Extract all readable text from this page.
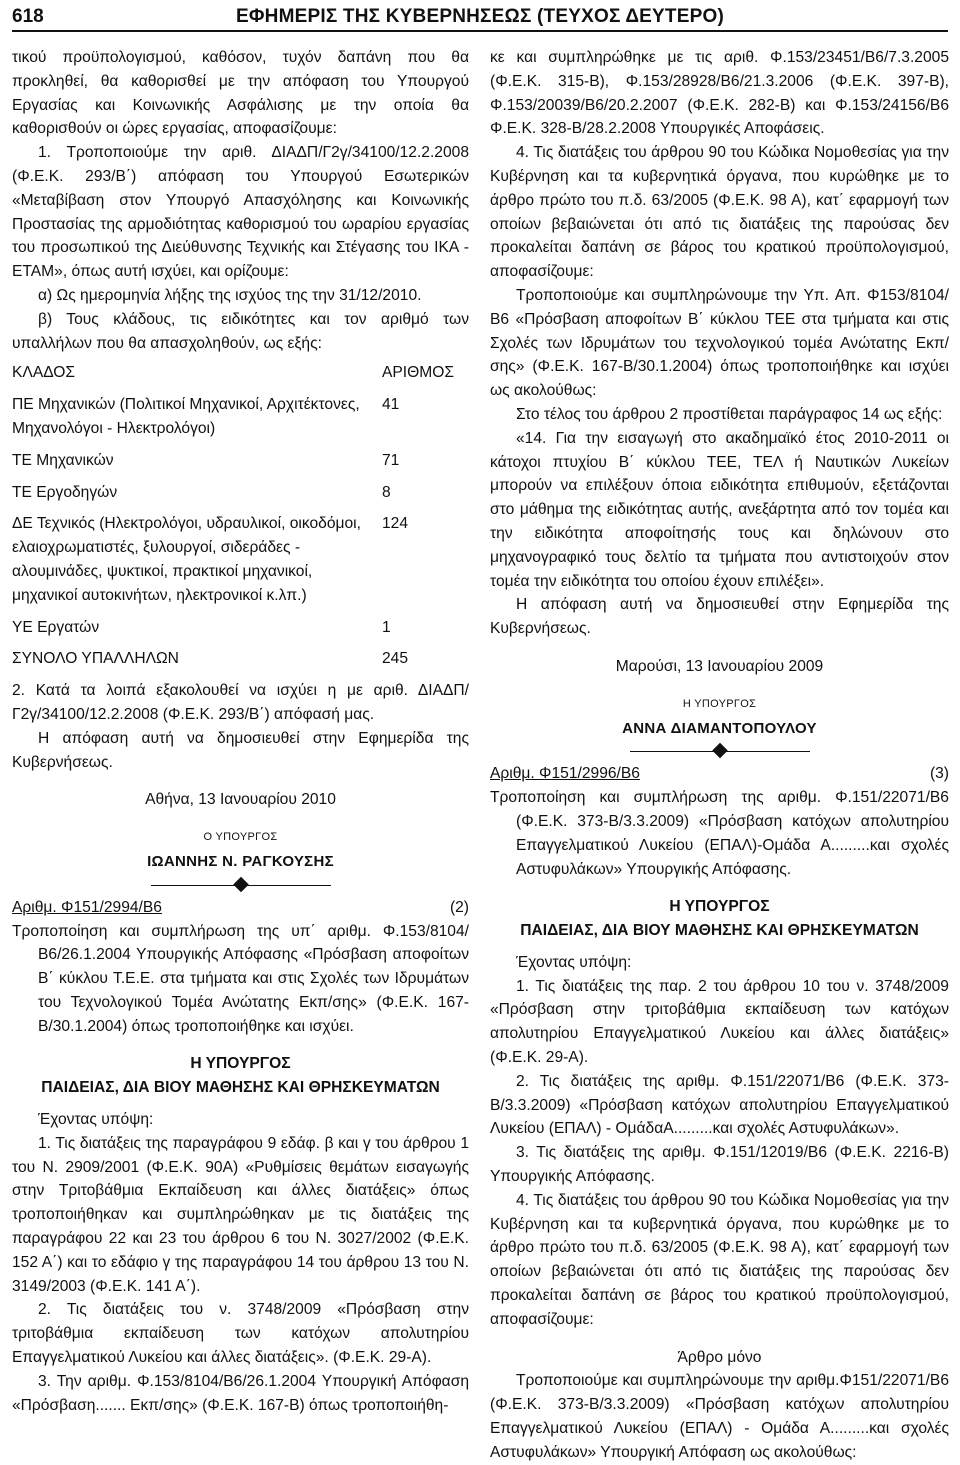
618	ΕΦΗΜΕΡΙΣ ΤΗΣ ΚΥΒΕΡΝΗΣΕΩΣ (ΤΕΥΧΟΣ ΔΕΥΤΕΡΟ)
τικού προϋπολογισμού, καθόσον, τυχόν δαπάνη που θα προκληθεί, θα καθορισθεί με την απόφαση του Υπουργού Εργασίας και Κοινωνικής Ασφάλισης με την οποία θα καθορισθούν οι ώρες εργασίας, αποφασίζουμε:
1. Τροποποιούμε την αριθ. ΔΙΑΔΠ/Γ2γ/34100/12.2.2008 (Φ.Ε.Κ. 293/Β΄) απόφαση του Υπουργού Εσωτερικών «Μεταβίβαση στον Υπουργό Απασχόλησης και Κοινωνικής Προστασίας της αρμοδιότητας καθορισμού του ωραρίου εργασίας του προσωπικού της Διεύθυνσης Τεχνικής και Στέγασης του ΙΚΑ - ΕΤΑΜ», όπως αυτή ισχύει, και ορίζουμε:
α) Ως ημερομηνία λήξης της ισχύος της την 31/12/2010.
β) Τους κλάδους, τις ειδικότητες και τον αριθμό των υπαλλήλων που θα απασχοληθούν, ως εξής:
ΚΛΑΔΟΣ	ΑΡΙΘΜΟΣ
ΠΕ Μηχανικών (Πολιτικοί Μηχανικοί, Αρχιτέκτονες, Μηχανολόγοι - Ηλεκτρολόγοι)	41
ΤΕ Μηχανικών	71
ΤΕ Εργοδηγών	8
ΔΕ Τεχνικός (Ηλεκτρολόγοι, υδραυλικοί, οικοδόμοι, ελαιοχρωματιστές, ξυλουργοί, σιδεράδες - αλουμινάδες, ψυκτικοί, πρακτικοί μηχανικοί, μηχανικοί αυτοκινήτων, ηλεκτρονικοί κ.λπ.)	124
ΥΕ Εργατών	1
ΣΥΝΟΛΟ ΥΠΑΛΛΗΛΩΝ	245
2. Κατά τα λοιπά εξακολουθεί να ισχύει η με αριθ. ΔΙΑΔΠ/Γ2γ/34100/12.2.2008 (Φ.Ε.Κ. 293/Β΄) απόφασή μας.
Η απόφαση αυτή να δημοσιευθεί στην Εφημερίδα της Κυβερνήσεως.
Αθήνα, 13 Ιανουαρίου 2010
Ο ΥΠΟΥΡΓΟΣ
ΙΩΑΝΝΗΣ Ν. ΡΑΓΚΟΥΣΗΣ
Αριθμ. Φ151/2994/Β6	(2)
Τροποποίηση και συμπλήρωση της υπ΄ αριθμ. Φ.153/8104/Β6/26.1.2004 Υπουργικής Απόφασης «Πρόσβαση αποφοίτων Β΄ κύκλου Τ.Ε.Ε. στα τμήματα και στις Σχολές των Ιδρυμάτων του Τεχνολογικού Τομέα Ανώτατης Εκπ/σης» (Φ.Ε.Κ. 167-Β/30.1.2004) όπως τροποποιήθηκε και ισχύει.
Η ΥΠΟΥΡΓΟΣ
ΠΑΙΔΕΙΑΣ, ΔΙΑ ΒΙΟΥ ΜΑΘΗΣΗΣ ΚΑΙ ΘΡΗΣΚΕΥΜΑΤΩΝ
Έχοντας υπόψη:
1. Τις διατάξεις της παραγράφου 9 εδάφ. β και γ του άρθρου 1 του Ν. 2909/2001 (Φ.Ε.Κ. 90Α) «Ρυθμίσεις θεμάτων εισαγωγής στην Τριτοβάθμια Εκπαίδευση και άλλες διατάξεις» όπως τροποποιήθηκαν και συμπληρώθηκαν με τις διατάξεις της παραγράφου 22 και 23 του άρθρου 6 του Ν. 3027/2002 (Φ.Ε.Κ. 152 Α΄) και το εδάφιο γ της παραγράφου 14 του άρθρου 13 του Ν. 3149/2003 (Φ.Ε.Κ. 141 Α΄).
2. Τις διατάξεις του ν. 3748/2009 «Πρόσβαση στην τριτοβάθμια εκπαίδευση των κατόχων απολυτηρίου Επαγγελματικού Λυκείου και άλλες διατάξεις». (Φ.Ε.Κ. 29-Α).
3. Την αριθμ. Φ.153/8104/Β6/26.1.2004 Υπουργική Απόφαση «Πρόσβαση....... Εκπ/σης» (Φ.Ε.Κ. 167-Β) όπως τροποποιήθη-
κε και συμπληρώθηκε με τις αριθ. Φ.153/23451/Β6/7.3.2005 (Φ.Ε.Κ. 315-Β), Φ.153/28928/Β6/21.3.2006 (Φ.Ε.Κ. 397-Β), Φ.153/20039/Β6/20.2.2007 (Φ.Ε.Κ. 282-Β) και Φ.153/24156/Β6 Φ.Ε.Κ. 328-Β/28.2.2008 Υπουργικές Αποφάσεις.
4. Τις διατάξεις του άρθρου 90 του Κώδικα Νομοθεσίας για την Κυβέρνηση και τα κυβερνητικά όργανα, που κυρώθηκε με το άρθρο πρώτο του π.δ. 63/2005 (Φ.Ε.Κ. 98 Α), κατ΄ εφαρμογή των οποίων βεβαιώνεται ότι από τις διατάξεις της παρούσας δεν προκαλείται δαπάνη σε βάρος του κρατικού προϋπολογισμού, αποφασίζουμε:
Τροποποιούμε και συμπληρώνουμε την Υπ. Απ. Φ153/8104/Β6 «Πρόσβαση αποφοίτων Β΄ κύκλου ΤΕΕ στα τμήματα και στις Σχολές των Ιδρυμάτων του τεχνολογικού τομέα Ανώτατης Εκπ/σης» (Φ.Ε.Κ. 167-Β/30.1.2004) όπως τροποποιήθηκε και ισχύει ως ακολούθως:
Στο τέλος του άρθρου 2 προστίθεται παράγραφος 14 ως εξής:
«14. Για την εισαγωγή στο ακαδημαϊκό έτος 2010-2011 οι κάτοχοι πτυχίου Β΄ κύκλου ΤΕΕ, ΤΕΛ ή Ναυτικών Λυκείων μπορούν να επιλέξουν όποια ειδικότητα επιθυμούν, εξετάζονται στο μάθημα της ειδικότητας αυτής, ανεξάρτητα από τον τομέα και την ειδικότητα αποφοίτησής τους και δηλώνουν στο μηχανογραφικό τους δελτίο τα τμήματα που αντιστοιχούν στον τομέα την ειδικότητα του οποίου έχουν επιλέξει».
Η απόφαση αυτή να δημοσιευθεί στην Εφημερίδα της Κυβερνήσεως.
Μαρούσι, 13 Ιανουαρίου 2009
Η ΥΠΟΥΡΓΟΣ
ΑΝΝΑ ΔΙΑΜΑΝΤΟΠΟΥΛΟΥ
Αριθμ. Φ151/2996/Β6	(3)
Τροποποίηση και συμπλήρωση της αριθμ. Φ.151/22071/Β6 (Φ.Ε.Κ. 373-Β/3.3.2009) «Πρόσβαση κατόχων απολυτηρίου Επαγγελματικού Λυκείου (ΕΠΑΛ)-Ομάδα Α.........και σχολές Αστυφυλάκων» Υπουργικής Απόφασης.
Η ΥΠΟΥΡΓΟΣ
ΠΑΙΔΕΙΑΣ, ΔΙΑ ΒΙΟΥ ΜΑΘΗΣΗΣ ΚΑΙ ΘΡΗΣΚΕΥΜΑΤΩΝ
Έχοντας υπόψη:
1. Τις διατάξεις της παρ. 2 του άρθρου 10 του ν. 3748/2009 «Πρόσβαση στην τριτοβάθμια εκπαίδευση των κατόχων απολυτηρίου Επαγγελματικού Λυκείου και άλλες διατάξεις» (Φ.Ε.Κ. 29-Α).
2. Τις διατάξεις της αριθμ. Φ.151/22071/Β6 (Φ.Ε.Κ. 373-Β/3.3.2009) «Πρόσβαση κατόχων απολυτηρίου Επαγγελματικού Λυκείου (ΕΠΑΛ) - ΟμάδαΑ.........και σχολές Αστυφυλάκων».
3. Τις διατάξεις της αριθμ. Φ.151/12019/Β6 (Φ.Ε.Κ. 2216-Β) Υπουργικής Απόφασης.
4. Τις διατάξεις του άρθρου 90 του Κώδικα Νομοθεσίας για την Κυβέρνηση και τα κυβερνητικά όργανα, που κυρώθηκε με το άρθρο πρώτο του π.δ. 63/2005 (Φ.Ε.Κ. 98 Α), κατ΄ εφαρμογή των οποίων βεβαιώνεται ότι από τις διατάξεις της παρούσας δεν προκαλείται δαπάνη σε βάρος του κρατικού προϋπολογισμού, αποφασίζουμε:
Άρθρο μόνο
Τροποποιούμε και συμπληρώνουμε την αριθμ.Φ151/22071/Β6 (Φ.Ε.Κ. 373-Β/3.3.2009) «Πρόσβαση κατόχων απολυτηρίου Επαγγελματικού Λυκείου (ΕΠΑΛ) - Ομάδα Α.........και σχολές Αστυφυλάκων» Υπουργική Απόφαση ως ακολούθως:
